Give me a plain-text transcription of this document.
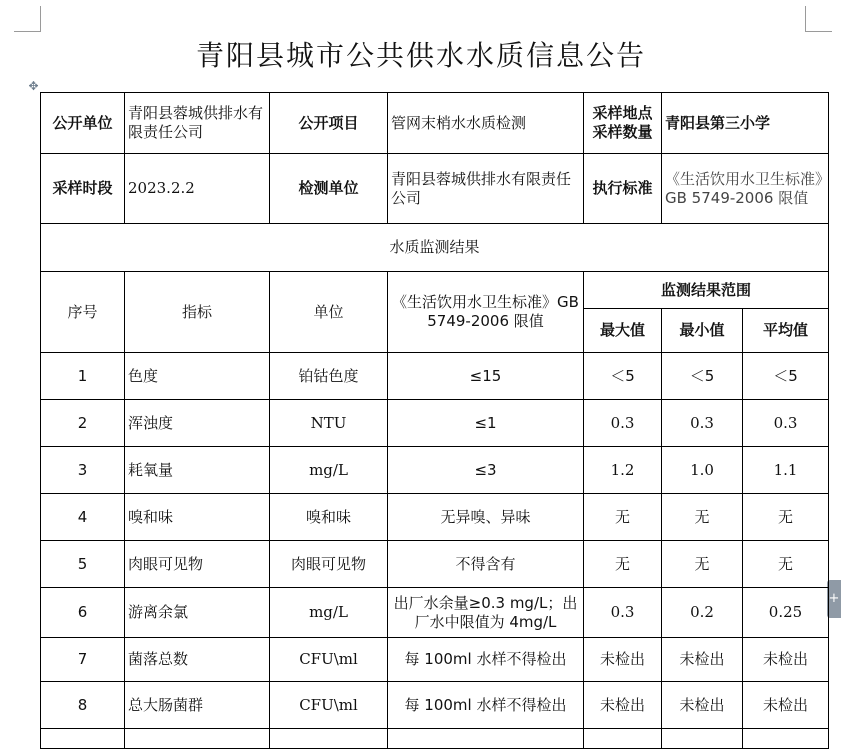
青阳县城市公共供水水质信息公告
✥
+
公开单位	青阳县蓉城供排水有限责任公司	公开项目	管网末梢水水质检测	采样地点采样数量	青阳县第三小学	
采样时段	2023.2.2	检测单位	青阳县蓉城供排水有限责任公司	执行标准	《生活饮用水卫生标准》GB 5749-2006 限值	
水质监测结果						
序号	指标	单位	《生活饮用水卫生标准》GB 5749-2006 限值	监测结果范围		
				最大值	最小值	平均值
1	色度	铂钴色度	≤15	＜5	＜5	＜5
2	浑浊度	NTU	≤1	0.3	0.3	0.3
3	耗氧量	mg/L	≤3	1.2	1.0	1.1
4	嗅和味	嗅和味	无异嗅、异味	无	无	无
5	肉眼可见物	肉眼可见物	不得含有	无	无	无
6	游离余氯	mg/L	出厂水余量≥0.3 mg/L；出厂水中限值为 4mg/L	0.3	0.2	0.25
7	菌落总数	CFU\ml	每 100ml 水样不得检出	未检出	未检出	未检出
8	总大肠菌群	CFU\ml	每 100ml 水样不得检出	未检出	未检出	未检出
